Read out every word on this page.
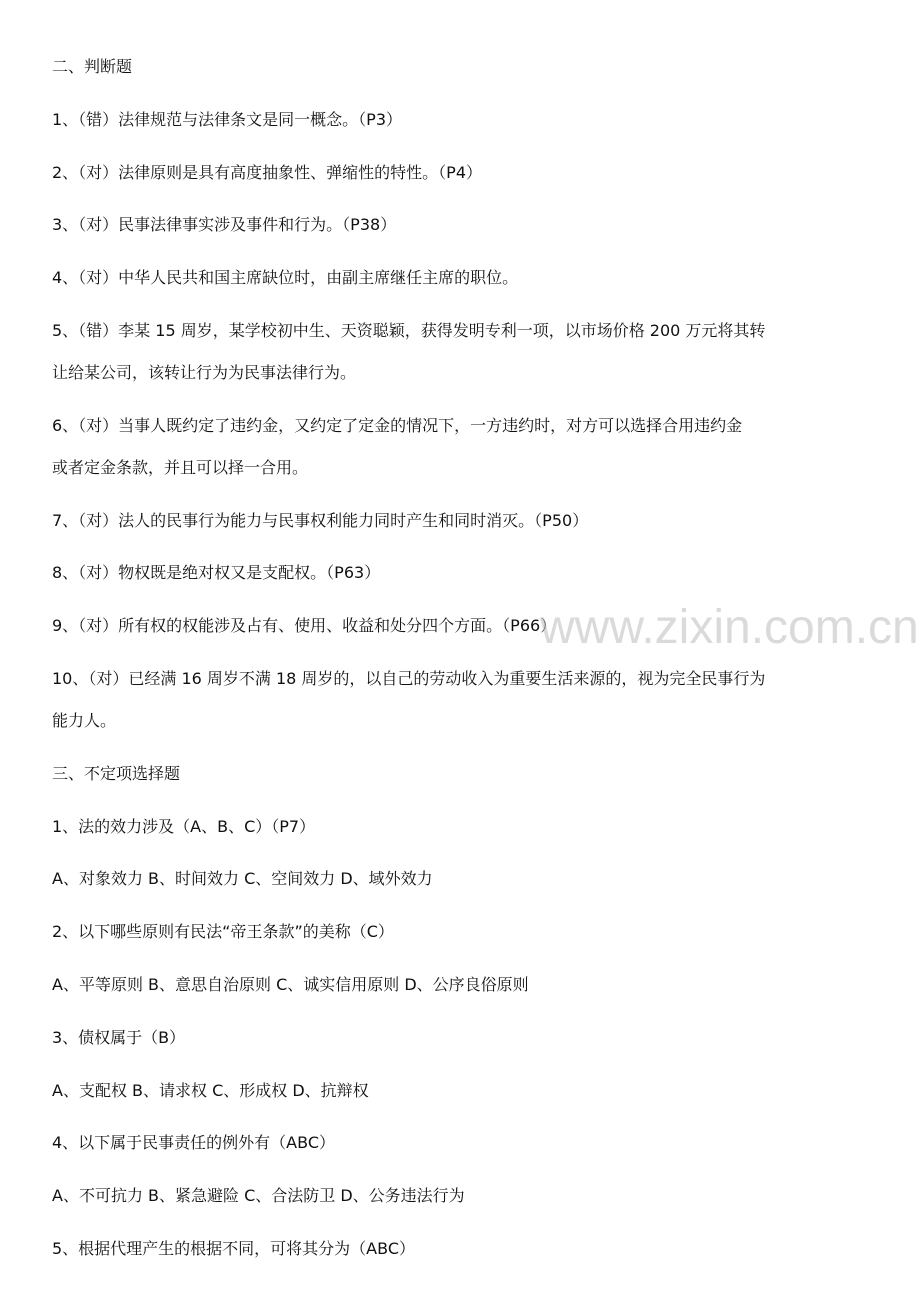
二、判断题
1、（错）法律规范与法律条文是同一概念。（P3）
2、（对）法律原则是具有高度抽象性、弹缩性的特性。（P4）
3、（对）民事法律事实涉及事件和行为。（P38）
4、（对）中华人民共和国主席缺位时，由副主席继任主席的职位。
5、（错）李某 15 周岁，某学校初中生、天资聪颖，获得发明专利一项，以市场价格 200 万元将其转
让给某公司，该转让行为为民事法律行为。
6、（对）当事人既约定了违约金，又约定了定金的情况下，一方违约时，对方可以选择合用违约金
或者定金条款，并且可以择一合用。
7、（对）法人的民事行为能力与民事权利能力同时产生和同时消灭。（P50）
8、（对）物权既是绝对权又是支配权。（P63）
9、（对）所有权的权能涉及占有、使用、收益和处分四个方面。（P66）
10、（对）已经满 16 周岁不满 18 周岁的，以自己的劳动收入为重要生活来源的，视为完全民事行为
能力人。
三、不定项选择题
1、法的效力涉及（A、B、C）（P7）
A、对象效力 B、时间效力 C、空间效力 D、域外效力
2、以下哪些原则有民法“帝王条款”的美称（C）
A、平等原则 B、意思自治原则 C、诚实信用原则 D、公序良俗原则
3、债权属于（B）
A、支配权 B、请求权 C、形成权 D、抗辩权
4、以下属于民事责任的例外有（ABC）
A、不可抗力 B、紧急避险 C、合法防卫 D、公务违法行为
5、根据代理产生的根据不同，可将其分为（ABC）
www.zixin.com.cn
